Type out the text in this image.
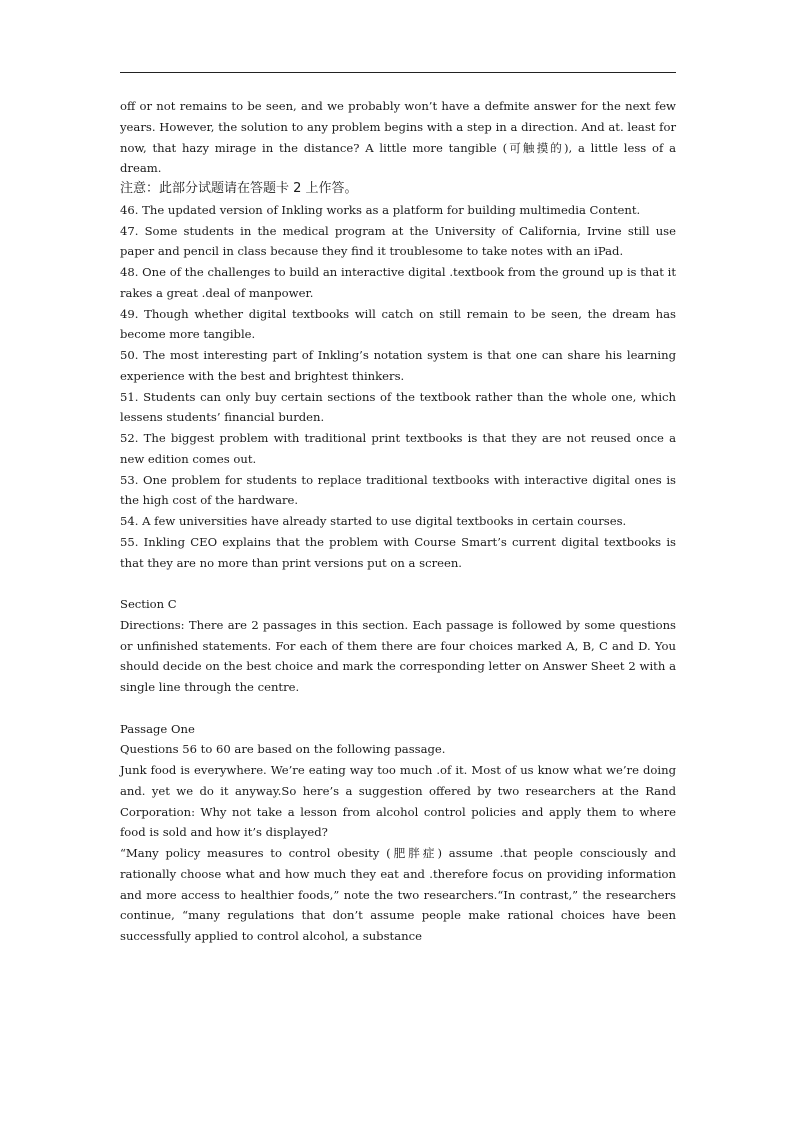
off or not remains to be seen, and we probably won’t have a defmite answer for the next few years. However, the solution to any problem begins with a step in a direction. And at. least for now, that hazy mirage in the distance? A little more tangible (可触摸的), a little less of a dream.

注意：此部分试题请在答题卡 2 上作答。

46. The updated version of Inkling works as a platform for building multimedia Content.

47. Some students in the medical program at the University of California, Irvine still use paper and pencil in class because they find it troublesome to take notes with an iPad.

48. One of the challenges to build an interactive digital .textbook from the ground up is that it rakes a great .deal of manpower.

49. Though whether digital textbooks will catch on still remain to be seen, the dream has become more tangible.

50. The most interesting part of Inkling’s notation system is that one can share his learning experience with the best and brightest thinkers.

51. Students can only buy certain sections of the textbook rather than the whole one, which lessens students’ financial burden.

52. The biggest problem with traditional print textbooks is that they are not reused once a new edition comes out.

53. One problem for students to replace traditional textbooks with interactive digital ones is the high cost of the hardware.

54. A few universities have already started to use digital textbooks in certain courses.

55. Inkling CEO explains that the problem with Course Smart’s current digital textbooks is that they are no more than print versions put on a screen.

Section C

Directions: There are 2 passages in this section. Each passage is followed by some questions or unfinished statements. For each of them there are four choices marked A, B, C and D. You should decide on the best choice and mark the corresponding letter on Answer Sheet 2 with a single line through the centre.

Passage One

Questions 56 to 60 are based on the following passage.

Junk food is everywhere. We’re eating way too much .of it. Most of us know what we’re doing and. yet we do it anyway.So here’s a suggestion offered by two researchers at the Rand Corporation: Why not take a lesson from alcohol control policies and apply them to where food is sold and how it’s displayed?

“Many policy measures to control obesity (肥胖症) assume .that people consciously and rationally choose what and how much they eat and .therefore focus on providing information and more access to healthier foods,” note the two researchers.“In contrast,” the researchers continue, “many regulations that don’t assume people make rational choices have been successfully applied to control alcohol, a substance
